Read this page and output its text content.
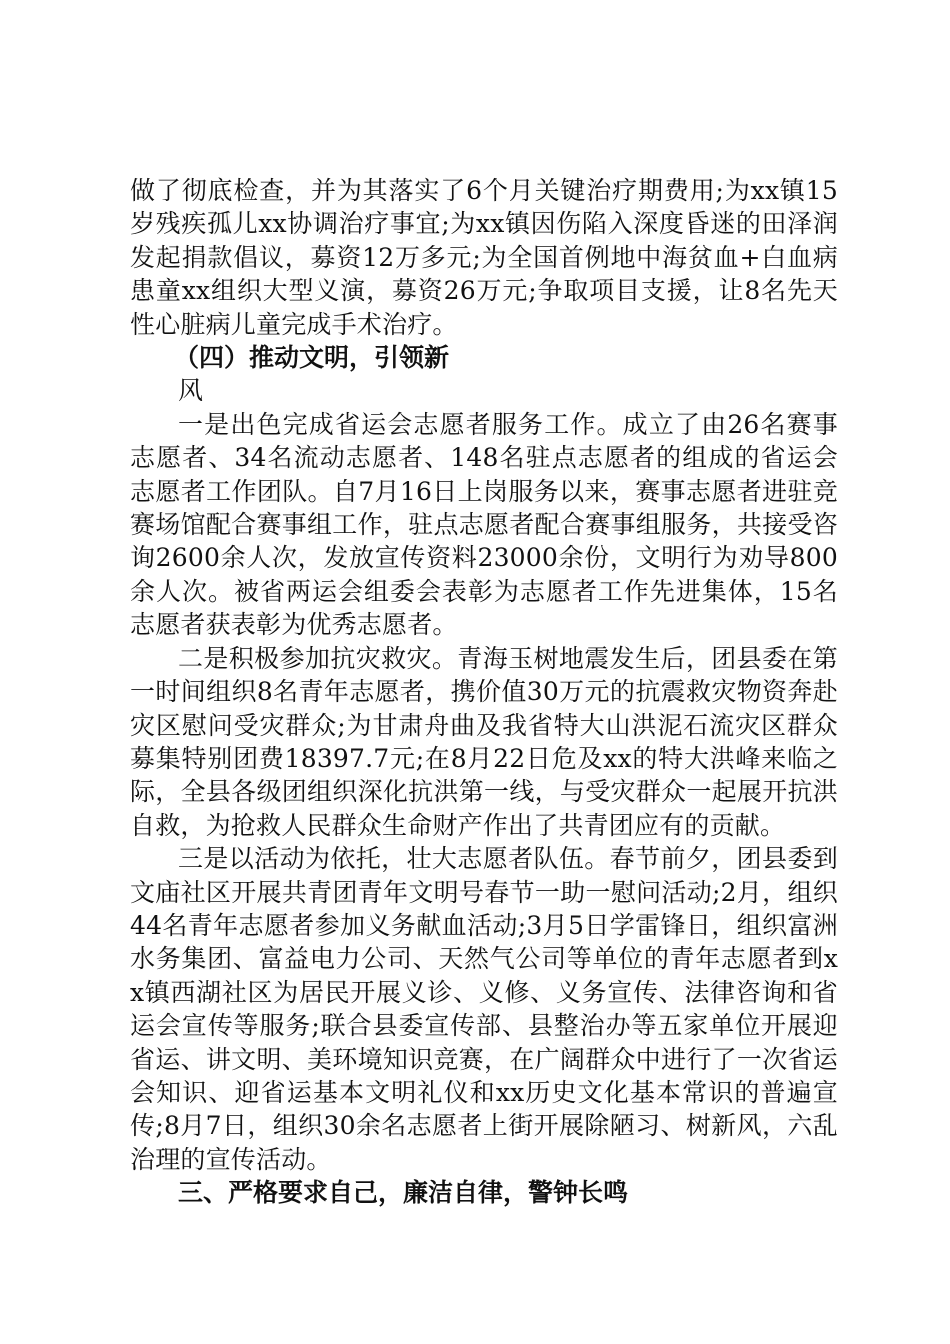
做了彻底检查，并为其落实了6个月关键治疗期费用;为xx镇15岁残疾孤儿xx协调治疗事宜;为xx镇因伤陷入深度昏迷的田泽润发起捐款倡议，募资12万多元;为全国首例地中海贫血+白血病患童xx组织大型义演，募资26万元;争取项目支援，让8名先天性心脏病儿童完成手术治疗。

（四）推动文明，引领新

风

一是出色完成省运会志愿者服务工作。成立了由26名赛事志愿者、34名流动志愿者、148名驻点志愿者的组成的省运会志愿者工作团队。自7月16日上岗服务以来，赛事志愿者进驻竞赛场馆配合赛事组工作，驻点志愿者配合赛事组服务，共接受咨询2600余人次，发放宣传资料23000余份，文明行为劝导800余人次。被省两运会组委会表彰为志愿者工作先进集体，15名志愿者获表彰为优秀志愿者。

二是积极参加抗灾救灾。青海玉树地震发生后，团县委在第一时间组织8名青年志愿者，携价值30万元的抗震救灾物资奔赴灾区慰问受灾群众;为甘肃舟曲及我省特大山洪泥石流灾区群众募集特别团费18397.7元;在8月22日危及xx的特大洪峰来临之际，全县各级团组织深化抗洪第一线，与受灾群众一起展开抗洪自救，为抢救人民群众生命财产作出了共青团应有的贡献。

三是以活动为依托，壮大志愿者队伍。春节前夕，团县委到文庙社区开展共青团青年文明号春节一助一慰问活动;2月，组织44名青年志愿者参加义务献血活动;3月5日学雷锋日，组织富洲水务集团、富益电力公司、天然气公司等单位的青年志愿者到xx镇西湖社区为居民开展义诊、义修、义务宣传、法律咨询和省运会宣传等服务;联合县委宣传部、县整治办等五家单位开展迎省运、讲文明、美环境知识竞赛，在广阔群众中进行了一次省运会知识、迎省运基本文明礼仪和xx历史文化基本常识的普遍宣传;8月7日，组织30余名志愿者上街开展除陋习、树新风，六乱治理的宣传活动。

三、严格要求自己，廉洁自律，警钟长鸣
